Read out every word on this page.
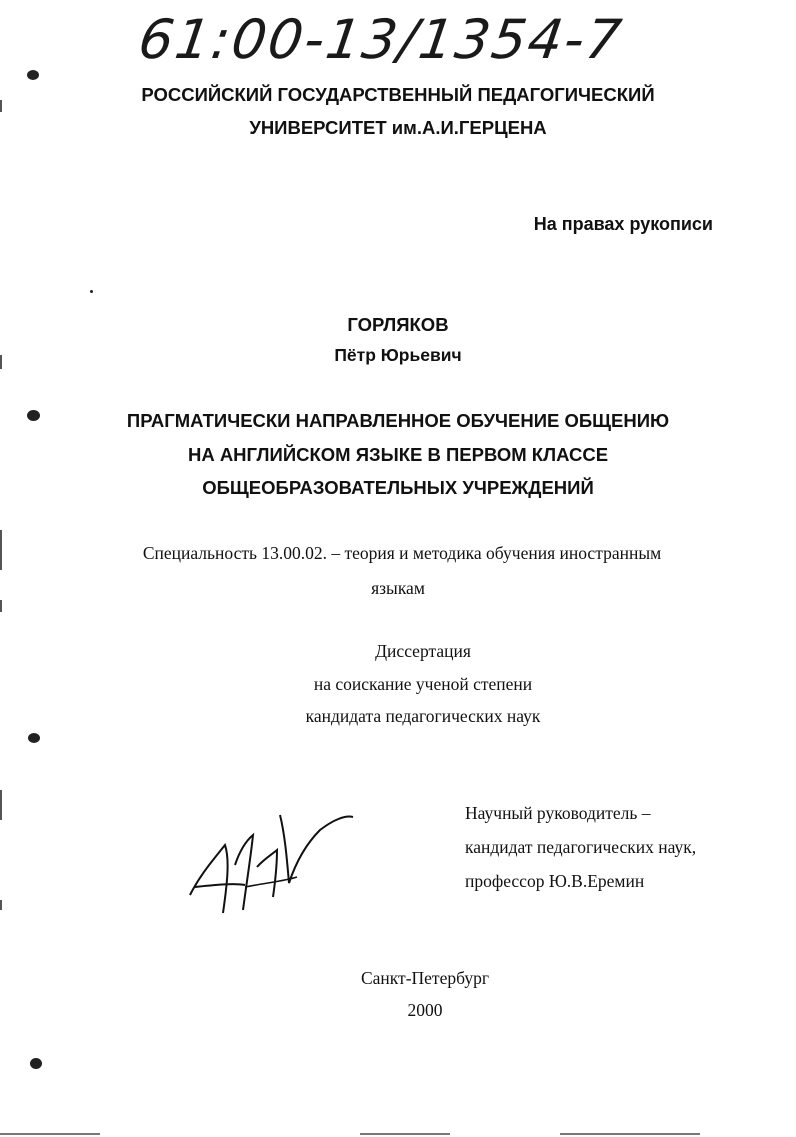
61:00-13/1354-7
РОССИЙСКИЙ ГОСУДАРСТВЕННЫЙ ПЕДАГОГИЧЕСКИЙ
УНИВЕРСИТЕТ им.А.И.ГЕРЦЕНА
На правах рукописи
ГОРЛЯКОВ
Пётр Юрьевич
ПРАГМАТИЧЕСКИ НАПРАВЛЕННОЕ ОБУЧЕНИЕ ОБЩЕНИЮ
НА АНГЛИЙСКОМ ЯЗЫКЕ В ПЕРВОМ КЛАССЕ
ОБЩЕОБРАЗОВАТЕЛЬНЫХ УЧРЕЖДЕНИЙ
Специальность 13.00.02. – теория и методика обучения иностранным
языкам
Диссертация
на соискание ученой степени
кандидата педагогических наук
Научный руководитель –
кандидат педагогических наук,
профессор Ю.В.Еремин
Санкт-Петербург
2000
